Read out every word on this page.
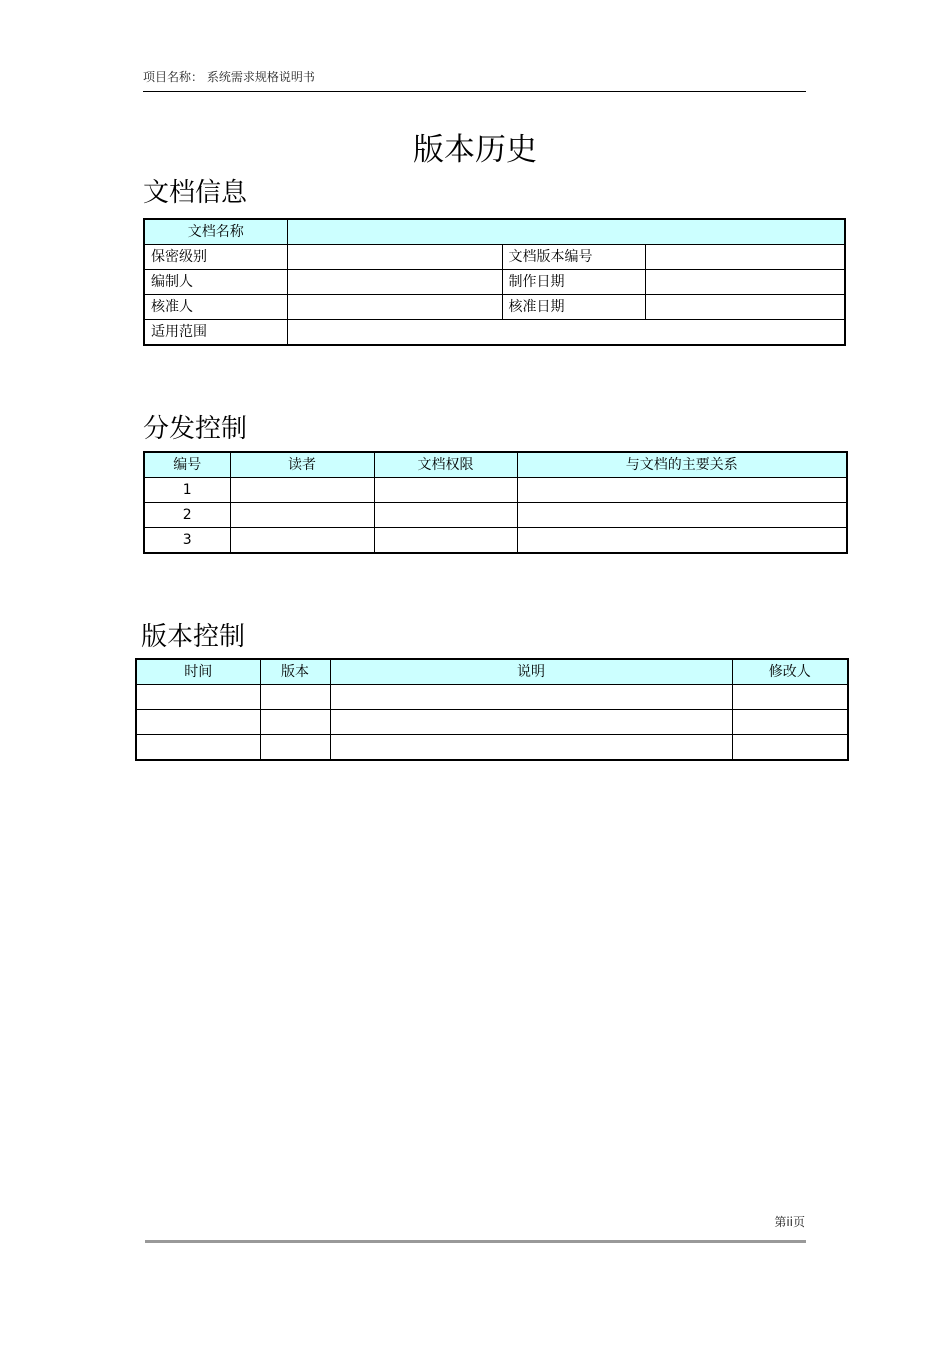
项目名称： 系统需求规格说明书
版本历史
文档信息
文档名称			
保密级别		文档版本编号	
编制人		制作日期	
核准人		核准日期	
适用范围			
分发控制
编号	读者	文档权限	与文档的主要关系
1			
2			
3			
版本控制
时间	版本	说明	修改人

第ii页
